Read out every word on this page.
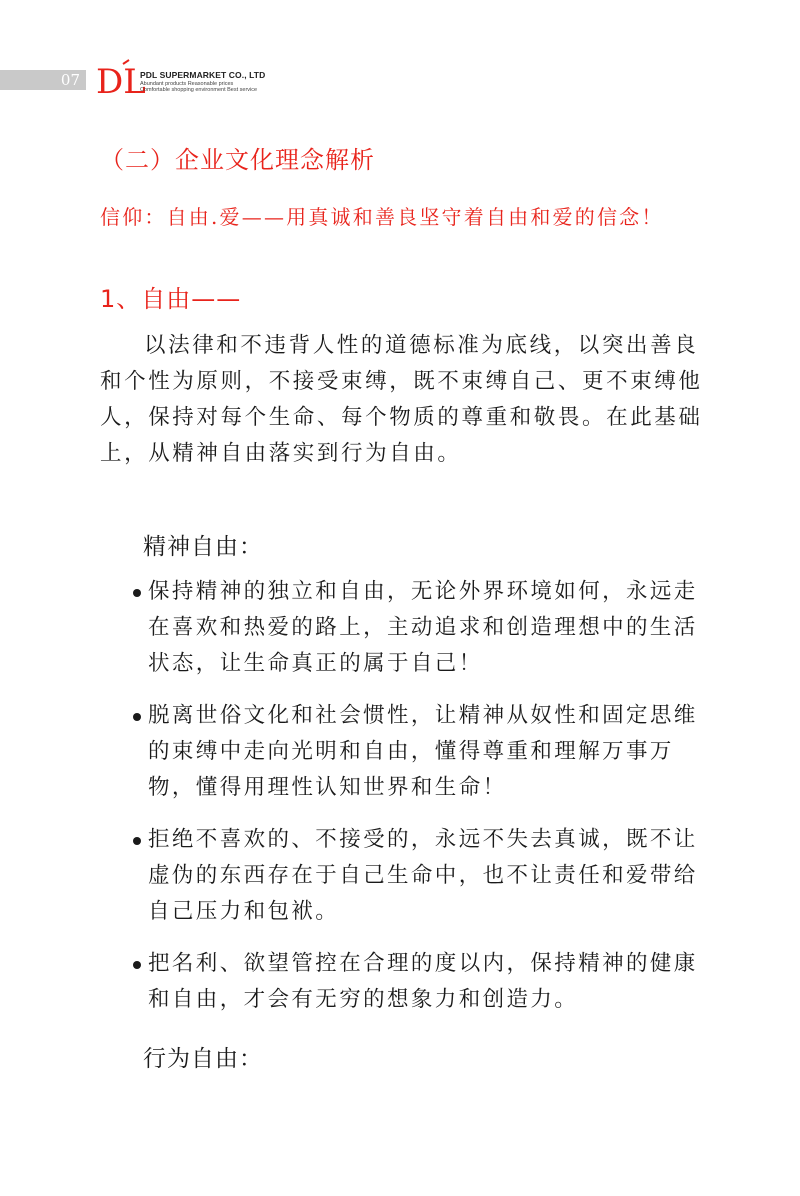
07 DL
PDL SUPERMARKET CO., LTD
Abundant products Reasonable prices
Comfortable shopping environment Best service
（二）企业文化理念解析
信仰：自由.爱——用真诚和善良坚守着自由和爱的信念！
1、自由——

以法律和不违背人性的道德标准为底线，以突出善良和个性为原则，不接受束缚，既不束缚自己、更不束缚他人，保持对每个生命、每个物质的尊重和敬畏。在此基础上，从精神自由落实到行为自由。

精神自由：
保持精神的独立和自由，无论外界环境如何，永远走在喜欢和热爱的路上，主动追求和创造理想中的生活状态，让生命真正的属于自己！
脱离世俗文化和社会惯性，让精神从奴性和固定思维的束缚中走向光明和自由，懂得尊重和理解万事万物，懂得用理性认知世界和生命！
拒绝不喜欢的、不接受的，永远不失去真诚，既不让虚伪的东西存在于自己生命中，也不让责任和爱带给自己压力和包袱。
把名利、欲望管控在合理的度以内，保持精神的健康和自由，才会有无穷的想象力和创造力。
行为自由：
